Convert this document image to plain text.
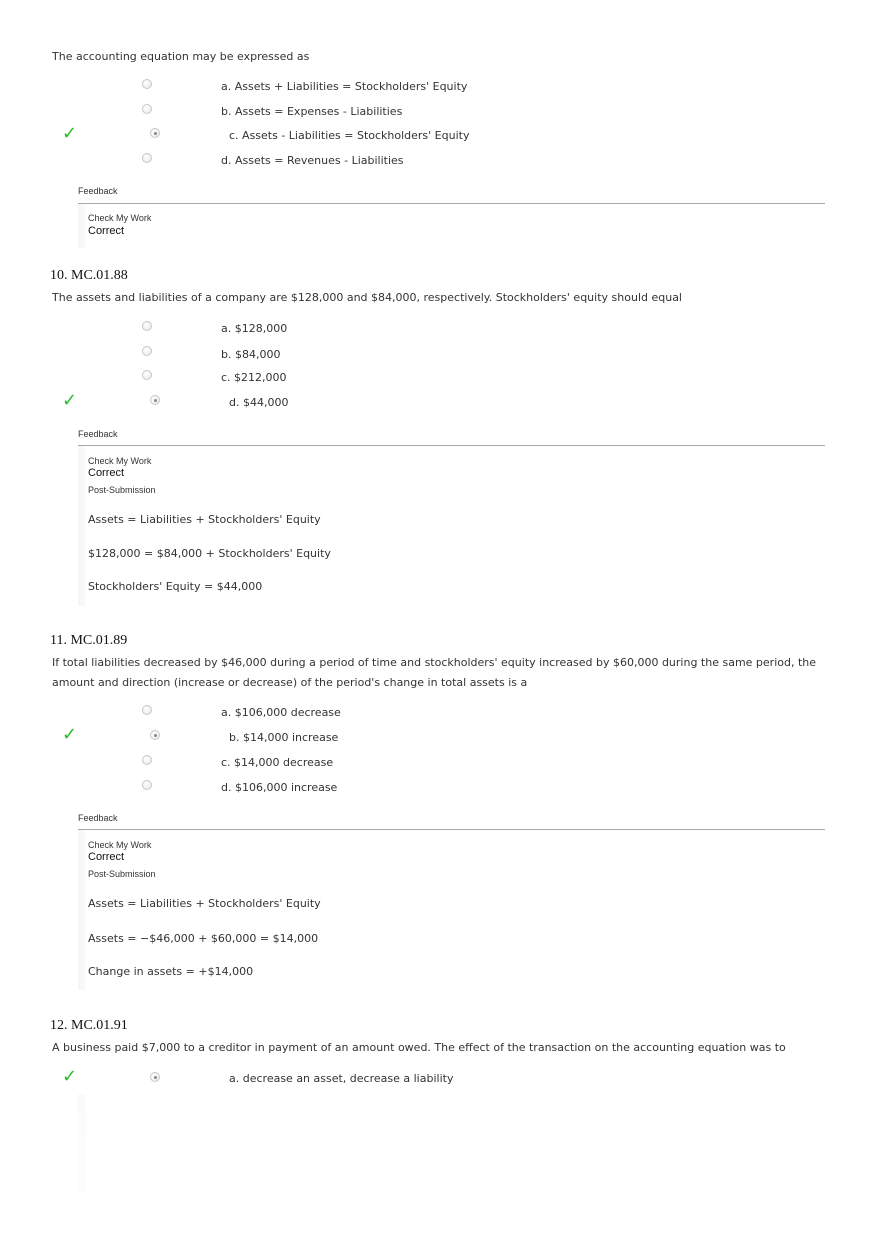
The accounting equation may be expressed as
a. Assets + Liabilities = Stockholders' Equity
b. Assets = Expenses - Liabilities
✓	c. Assets - Liabilities = Stockholders' Equity
d. Assets = Revenues - Liabilities
Feedback
Check My Work
Correct
10. MC.01.88
The assets and liabilities of a company are $128,000 and $84,000, respectively. Stockholders' equity should equal
a. $128,000
b. $84,000
c. $212,000
✓	d. $44,000
Feedback
Check My Work
Correct
Post-Submission
Assets = Liabilities + Stockholders' Equity
$128,000 = $84,000 + Stockholders' Equity
Stockholders' Equity = $44,000
11. MC.01.89
If total liabilities decreased by $46,000 during a period of time and stockholders' equity increased by $60,000 during the same period, the amount and direction (increase or decrease) of the period's change in total assets is a
a. $106,000 decrease
✓	b. $14,000 increase
c. $14,000 decrease
d. $106,000 increase
Feedback
Check My Work
Correct
Post-Submission
Assets = Liabilities + Stockholders' Equity
Assets = −$46,000 + $60,000 = $14,000
Change in assets = +$14,000
12. MC.01.91
A business paid $7,000 to a creditor in payment of an amount owed. The effect of the transaction on the accounting equation was to
✓	a. decrease an asset, decrease a liability
